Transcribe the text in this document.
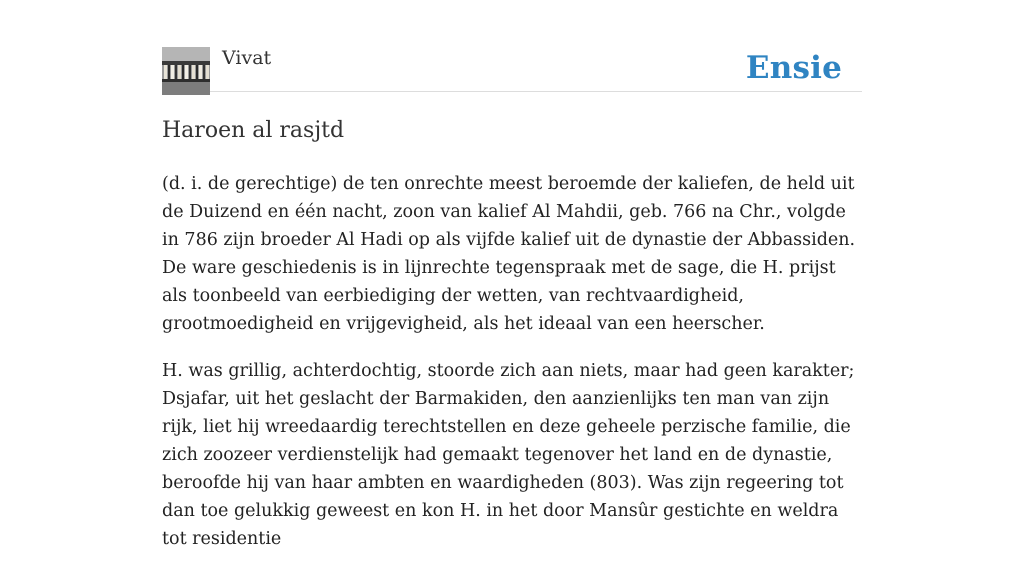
Vivat	Ensie
Haroen al rasjtd

(d. i. de gerechtige) de ten onrechte meest beroemde der kaliefen, de held uit de Duizend en één nacht, zoon van kalief Al Mahdii, geb. 766 na Chr., volgde in 786 zijn broeder Al Hadi op als vijfde kalief uit de dynastie der Abbassiden. De ware geschiedenis is in lijnrechte tegenspraak met de sage, die H. prijst als toonbeeld van eerbiediging der wetten, van rechtvaardigheid, grootmoedigheid en vrijgevigheid, als het ideaal van een heerscher.

H. was grillig, achterdochtig, stoorde zich aan niets, maar had geen karakter; Dsjafar, uit het geslacht der Barmakiden, den aanzienlijks ten man van zijn rijk, liet hij wreedaardig terechtstellen en deze geheele perzische familie, die zich zoozeer verdienstelijk had gemaakt tegenover het land en de dynastie, beroofde hij van haar ambten en waardigheden (803). Was zijn regeering tot dan toe gelukkig geweest en kon H. in het door Mansûr gestichte en weldra tot residentie
